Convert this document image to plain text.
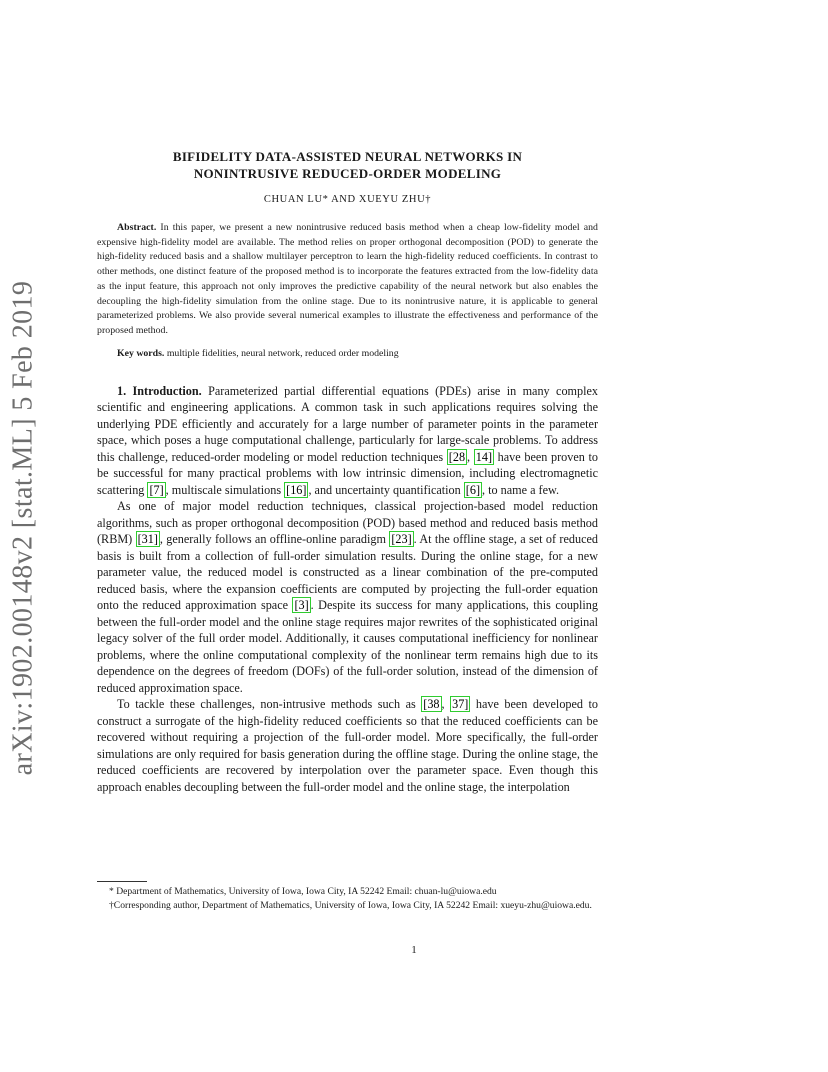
arXiv:1902.00148v2 [stat.ML] 5 Feb 2019
BIFIDELITY DATA-ASSISTED NEURAL NETWORKS IN
NONINTRUSIVE REDUCED-ORDER MODELING
CHUAN LU* AND XUEYU ZHU†
Abstract. In this paper, we present a new nonintrusive reduced basis method when a cheap low-fidelity model and expensive high-fidelity model are available. The method relies on proper orthogonal decomposition (POD) to generate the high-fidelity reduced basis and a shallow multilayer perceptron to learn the high-fidelity reduced coefficients. In contrast to other methods, one distinct feature of the proposed method is to incorporate the features extracted from the low-fidelity data as the input feature, this approach not only improves the predictive capability of the neural network but also enables the decoupling the high-fidelity simulation from the online stage. Due to its nonintrusive nature, it is applicable to general parameterized problems. We also provide several numerical examples to illustrate the effectiveness and performance of the proposed method.
Key words. multiple fidelities, neural network, reduced order modeling
1. Introduction. Parameterized partial differential equations (PDEs) arise in many complex scientific and engineering applications. A common task in such applications requires solving the underlying PDE efficiently and accurately for a large number of parameter points in the parameter space, which poses a huge computational challenge, particularly for large-scale problems. To address this challenge, reduced-order modeling or model reduction techniques [28 , 14] have been proven to be successful for many practical problems with low intrinsic dimension, including electromagnetic scattering [7] , multiscale simulations [16] , and uncertainty quantification [6] , to name a few.
As one of major model reduction techniques, classical projection-based model reduction algorithms, such as proper orthogonal decomposition (POD) based method and reduced basis method (RBM) [31] , generally follows an offline-online paradigm [23] . At the offline stage, a set of reduced basis is built from a collection of full-order simulation results. During the online stage, for a new parameter value, the reduced model is constructed as a linear combination of the pre-computed reduced basis, where the expansion coefficients are computed by projecting the full-order equation onto the reduced approximation space [3] . Despite its success for many applications, this coupling between the full-order model and the online stage requires major rewrites of the sophisticated original legacy solver of the full order model. Additionally, it causes computational inefficiency for nonlinear problems, where the online computational complexity of the nonlinear term remains high due to its dependence on the degrees of freedom (DOFs) of the full-order solution, instead of the dimension of reduced approximation space.
To tackle these challenges, non-intrusive methods such as [38 , 37] have been developed to construct a surrogate of the high-fidelity reduced coefficients so that the reduced coefficients can be recovered without requiring a projection of the full-order model. More specifically, the full-order simulations are only required for basis generation during the offline stage. During the online stage, the reduced coefficients are recovered by interpolation over the parameter space. Even though this approach enables decoupling between the full-order model and the online stage, the interpolation
* Department of Mathematics, University of Iowa, Iowa City, IA 52242 Email: chuan-lu@uiowa.edu
†Corresponding author, Department of Mathematics, University of Iowa, Iowa City, IA 52242 Email: xueyu-zhu@uiowa.edu.
1
